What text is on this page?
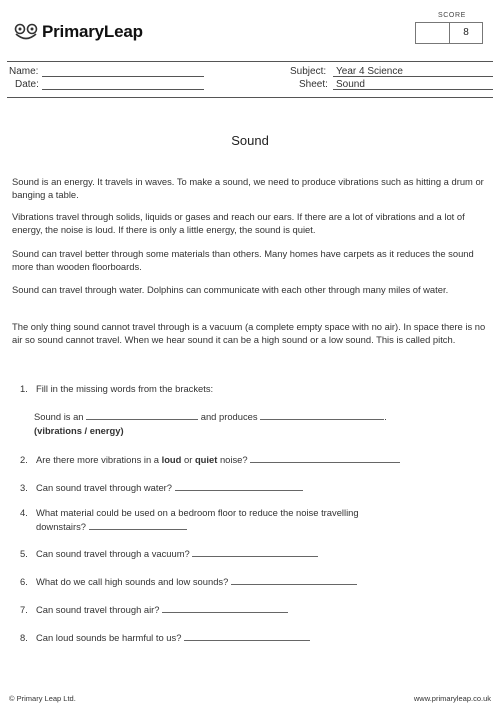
PrimaryLeap
SCORE
8
Name:
Date:
Subject: Year 4 Science
Sheet: Sound
Sound
Sound is an energy. It travels in waves. To make a sound, we need to produce vibrations such as hitting a drum or banging a table.
Vibrations travel through solids, liquids or gases and reach our ears. If there are a lot of vibrations and a lot of energy, the noise is loud. If there is only a little energy, the sound is quiet.
Sound can travel better through some materials than others. Many homes have carpets as it reduces the sound more than wooden floorboards.
Sound can travel through water. Dolphins can communicate with each other through many miles of water.
The only thing sound cannot travel through is a vacuum (a complete empty space with no air). In space there is no air so sound cannot travel. When we hear sound it can be a high sound or a low sound. This is called pitch.
1. Fill in the missing words from the brackets:
Sound is an	and produces	.
(vibrations / energy)
2. Are there more vibrations in a loud or quiet noise?
3. Can sound travel through water?
4. What material could be used on a bedroom floor to reduce the noise travelling
downstairs?
5. Can sound travel through a vacuum?
6. What do we call high sounds and low sounds?
7. Can sound travel through air?
8. Can loud sounds be harmful to us?
© Primary Leap Ltd.	www.primaryleap.co.uk
